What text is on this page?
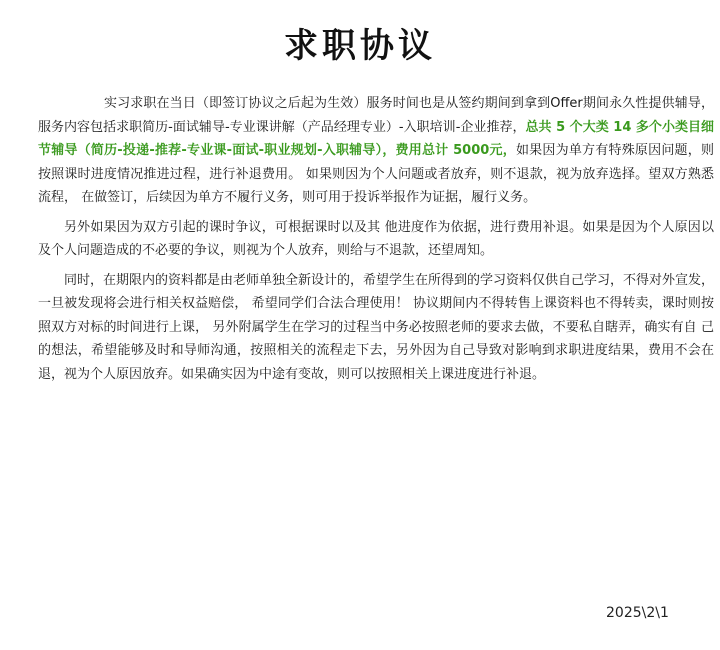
求职协议

实习求职在当日（即签订协议之后起为生效）服务时间也是从签约期间到拿到Offer期间永久性提供辅导，服务内容包括求职简历-面试辅导-专业课讲解（产品经理专业）-入职培训-企业推荐，总共 5 个大类 14 多个小类目细节辅导（简历-投递-推荐-专业课-面试-职业规划-入职辅导），费用总计 5000元，如果因为单方有特殊原因问题，则按照课时进度情况推进过程，进行补退费用。 如果则因为个人问题或者放弃，则不退款，视为放弃选择。望双方熟悉流程， 在做签订，后续因为单方不履行义务，则可用于投诉举报作为证据，履行义务。

另外如果因为双方引起的课时争议，可根据课时以及其 他进度作为依据，进行费用补退。如果是因为个人原因以及个人问题造成的不必要的争议，则视为个人放弃，则给与不退款，还望周知。

同时，在期限内的资料都是由老师单独全新设计的，希望学生在所得到的学习资料仅供自己学习，不得对外宣发， 一旦被发现将会进行相关权益赔偿， 希望同学们合法合理使用！ 协议期间内不得转售上课资料也不得转卖，课时则按照双方对标的时间进行上课， 另外附属学生在学习的过程当中务必按照老师的要求去做，不要私自瞎弄，确实有自 己的想法，希望能够及时和导师沟通，按照相关的流程走下去，另外因为自己导致对影响到求职进度结果，费用不会在退，视为个人原因放弃。如果确实因为中途有变故，则可以按照相关上课进度进行补退。

2025\2\1
